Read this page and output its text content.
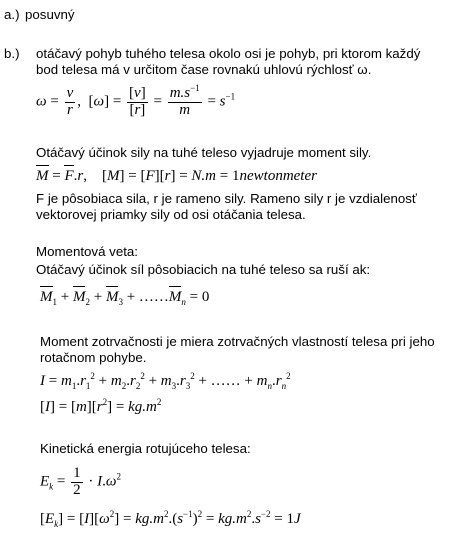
a.) posuvný
b.) otáčavý pohyb tuhého telesa okolo osi je pohyb, pri ktorom každý
bod telesa má v určitom čase rovnakú uhlovú rýchlosť ω.
$\omega = \frac{v}{r}$ ,  $[\omega] = \frac{[v]}{[r]} = \frac{m.s^{-1}}{m} = s^{-1}$
Otáčavý účinok sily na tuhé teleso vyjadruje moment sily.
M = F.r,    [M] = [F][r] = N.m = 1newtonmeter
F je pôsobiaca sila, r je rameno sily. Rameno sily r je vzdialenosť
vektorovej priamky sily od osi otáčania telesa.
Momentová veta:
Otáčavý účinok síl pôsobiacich na tuhé teleso sa ruší ak:
$M_1 + M_2 + M_3$ + $\dots\dots M_n = 0$
Moment zotrvačnosti je miera zotrvačných vlastností telesa pri jeho
rotačnom pohybe.
$I = m_1.r_1^2 + m_2.r_2^2 + m_3.r_3^2$ + …… + $m_n.r_n^2$
$[I] = [m][r^2] = kg.m^2$
Kinetická energia rotujúceho telesa:
$E_k = \frac{1}{2} \cdot I.\omega^2$
$[E_k] = [I][\omega^2] = kg.m^2.(s^{-1})^2 = kg.m^2.s^{-2} = 1J$
